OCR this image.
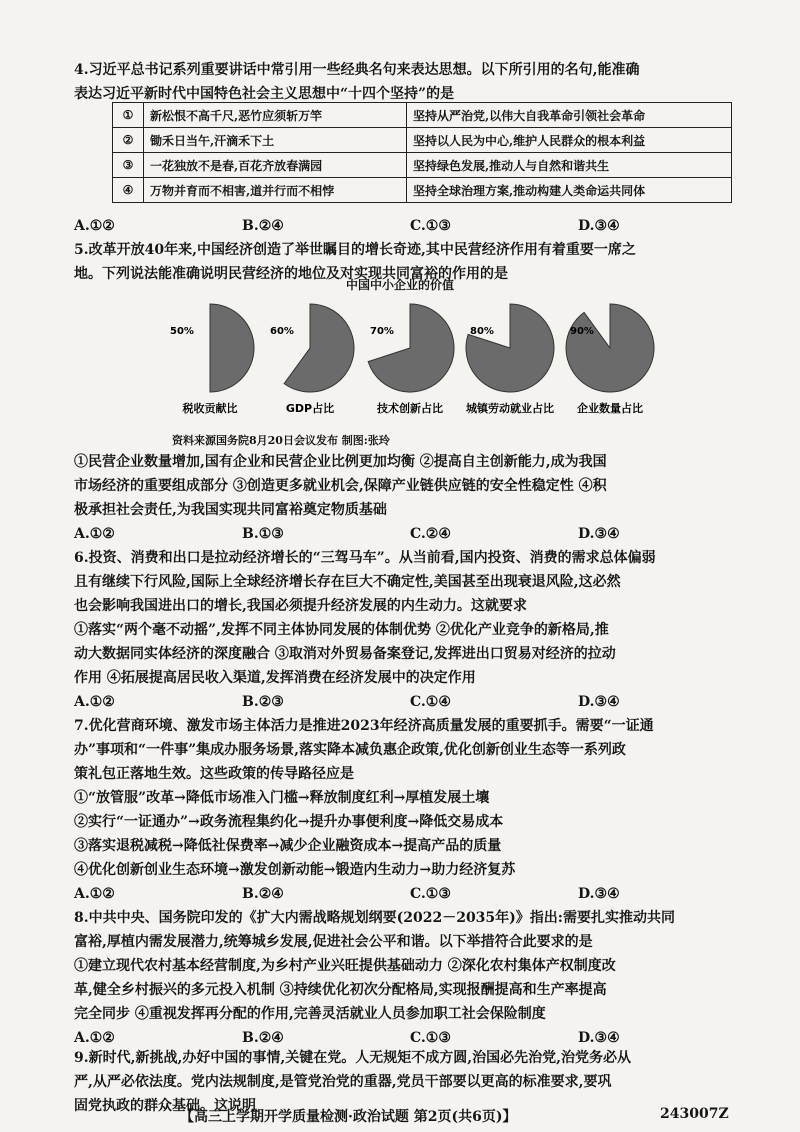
4.习近平总书记系列重要讲话中常引用一些经典名句来表达思想。以下所引用的名句,能准确

表达习近平新时代中国特色社会主义思想中“十四个坚持”的是

①	新松恨不高千尺,恶竹应须斩万竿	坚持从严治党,以伟大自我革命引领社会革命
②	锄禾日当午,汗滴禾下土	坚持以人民为中心,维护人民群众的根本利益
③	一花独放不是春,百花齐放春满园	坚持绿色发展,推动人与自然和谐共生
④	万物并育而不相害,道并行而不相悖	坚持全球治理方案,推动构建人类命运共同体
A.①②	B.②④	C.①③	D.③④

5.改革开放40年来,中国经济创造了举世瞩目的增长奇迹,其中民营经济作用有着重要一席之

地。下列说法能准确说明民营经济的地位及对实现共同富裕的作用的是

中国中小企业的价值
50%
税收贡献比
60%
GDP占比
70%
技术创新占比
80%
城镇劳动就业占比
90%
企业数量占比
资料来源国务院8月20日会议发布 制图:张玲

①民营企业数量增加,国有企业和民营企业比例更加均衡 ②提高自主创新能力,成为我国

市场经济的重要组成部分 ③创造更多就业机会,保障产业链供应链的安全性稳定性 ④积

极承担社会责任,为我国实现共同富裕奠定物质基础

A.①②	B.①③	C.②④	D.③④

6.投资、消费和出口是拉动经济增长的“三驾马车”。从当前看,国内投资、消费的需求总体偏弱

且有继续下行风险,国际上全球经济增长存在巨大不确定性,美国甚至出现衰退风险,这必然

也会影响我国进出口的增长,我国必须提升经济发展的内生动力。这就要求

①落实“两个毫不动摇”,发挥不同主体协同发展的体制优势 ②优化产业竞争的新格局,推

动大数据同实体经济的深度融合 ③取消对外贸易备案登记,发挥进出口贸易对经济的拉动

作用 ④拓展提高居民收入渠道,发挥消费在经济发展中的决定作用

A.①②	B.②③	C.①④	D.③④

7.优化营商环境、激发市场主体活力是推进2023年经济高质量发展的重要抓手。需要“一证通

办”事项和“一件事”集成办服务场景,落实降本减负惠企政策,优化创新创业生态等一系列政

策礼包正落地生效。这些政策的传导路径应是

①“放管服”改革→降低市场准入门槛→释放制度红利→厚植发展土壤

②实行“一证通办”→政务流程集约化→提升办事便利度→降低交易成本

③落实退税减税→降低社保费率→减少企业融资成本→提高产品的质量

④优化创新创业生态环境→激发创新动能→锻造内生动力→助力经济复苏

A.①②	B.②④	C.①③	D.③④

8.中共中央、国务院印发的《扩大内需战略规划纲要(2022－2035年)》指出:需要扎实推动共同

富裕,厚植内需发展潜力,统筹城乡发展,促进社会公平和谐。以下举措符合此要求的是

①建立现代农村基本经营制度,为乡村产业兴旺提供基础动力 ②深化农村集体产权制度改

革,健全乡村振兴的多元投入机制 ③持续优化初次分配格局,实现报酬提高和生产率提高

完全同步 ④重视发挥再分配的作用,完善灵活就业人员参加职工社会保险制度

A.①②	B.②④	C.①③	D.③④
【高三上学期开学质量检测·政治试题 第2页(共6页)】	243007Z

9.新时代,新挑战,办好中国的事情,关键在党。人无规矩不成方圆,治国必先治党,治党务必从

严,从严必依法度。党内法规制度,是管党治党的重器,党员干部要以更高的标准要求,要巩

固党执政的群众基础。这说明
